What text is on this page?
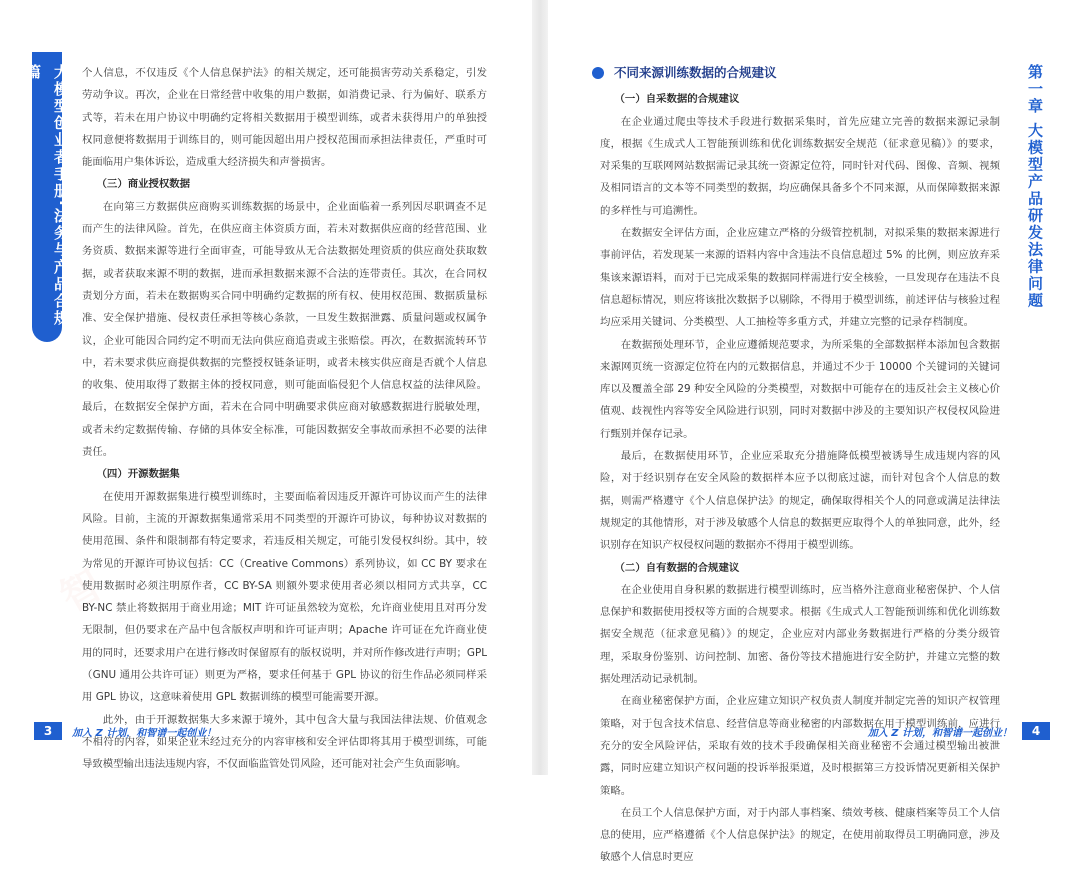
智
大模型创业者手册·法务与产品合规篇	个人信息，不仅违反《个人信息保护法》的相关规定，还可能损害劳动关系稳定，引发劳动争议。再次，企业在日常经营中收集的用户数据，如消费记录、行为偏好、联系方式等，若未在用户协议中明确约定将相关数据用于模型训练，或者未获得用户的单独授权同意便将数据用于训练目的，则可能因超出用户授权范围而承担法律责任，严重时可能面临用户集体诉讼，造成重大经济损失和声誉损害。

（三）商业授权数据

在向第三方数据供应商购买训练数据的场景中，企业面临着一系列因尽职调查不足而产生的法律风险。首先，在供应商主体资质方面，若未对数据供应商的经营范围、业务资质、数据来源等进行全面审查，可能导致从无合法数据处理资质的供应商处获取数据，或者获取来源不明的数据，进而承担数据来源不合法的连带责任。其次，在合同权责划分方面，若未在数据购买合同中明确约定数据的所有权、使用权范围、数据质量标准、安全保护措施、侵权责任承担等核心条款，一旦发生数据泄露、质量问题或权属争议，企业可能因合同约定不明而无法向供应商追责或主张赔偿。再次，在数据流转环节中，若未要求供应商提供数据的完整授权链条证明，或者未核实供应商是否就个人信息的收集、使用取得了数据主体的授权同意，则可能面临侵犯个人信息权益的法律风险。最后，在数据安全保护方面，若未在合同中明确要求供应商对敏感数据进行脱敏处理，或者未约定数据传输、存储的具体安全标准，可能因数据安全事故而承担不必要的法律责任。

（四）开源数据集

在使用开源数据集进行模型训练时，主要面临着因违反开源许可协议而产生的法律风险。目前，主流的开源数据集通常采用不同类型的开源许可协议，每种协议对数据的使用范围、条件和限制都有特定要求，若违反相关规定，可能引发侵权纠纷。其中，较为常见的开源许可协议包括：CC（Creative Commons）系列协议，如 CC BY 要求在使用数据时必须注明原作者，CC BY-SA 则额外要求使用者必须以相同方式共享，CC BY-NC 禁止将数据用于商业用途；MIT 许可证虽然较为宽松，允许商业使用且对再分发无限制，但仍要求在产品中包含版权声明和许可证声明；Apache 许可证在允许商业使用的同时，还要求用户在进行修改时保留原有的版权说明，并对所作修改进行声明；GPL（GNU 通用公共许可证）则更为严格，要求任何基于 GPL 协议的衍生作品必须同样采用 GPL 协议，这意味着使用 GPL 数据训练的模型可能需要开源。

此外，由于开源数据集大多来源于境外，其中包含大量与我国法律法规、价值观念不相符的内容，如果企业未经过充分的内容审核和安全评估即将其用于模型训练，可能导致模型输出违法违规内容，不仅面临监管处罚风险，还可能对社会产生负面影响。

3	加入 Z 计划，和智谱一起创业！
第一章 大模型产品研发法律问题
不同来源训练数据的合规建议

（一）自采数据的合规建议

在企业通过爬虫等技术手段进行数据采集时，首先应建立完善的数据来源记录制度，根据《生成式人工智能预训练和优化训练数据安全规范（征求意见稿）》的要求，对采集的互联网网站数据需记录其统一资源定位符，同时针对代码、图像、音频、视频及相同语言的文本等不同类型的数据，均应确保具备多个不同来源，从而保障数据来源的多样性与可追溯性。

在数据安全评估方面，企业应建立严格的分级管控机制，对拟采集的数据来源进行事前评估，若发现某一来源的语料内容中含违法不良信息超过 5% 的比例，则应放弃采集该来源语料，而对于已完成采集的数据同样需进行安全核验，一旦发现存在违法不良信息超标情况，则应将该批次数据予以剔除，不得用于模型训练，前述评估与核验过程均应采用关键词、分类模型、人工抽检等多重方式，并建立完整的记录存档制度。

在数据预处理环节，企业应遵循规范要求，为所采集的全部数据样本添加包含数据来源网页统一资源定位符在内的元数据信息，并通过不少于 10000 个关键词的关键词库以及覆盖全部 29 种安全风险的分类模型，对数据中可能存在的违反社会主义核心价值观、歧视性内容等安全风险进行识别，同时对数据中涉及的主要知识产权侵权风险进行甄别并保存记录。

最后，在数据使用环节，企业应采取充分措施降低模型被诱导生成违规内容的风险，对于经识别存在安全风险的数据样本应予以彻底过滤，而针对包含个人信息的数据，则需严格遵守《个人信息保护法》的规定，确保取得相关个人的同意或满足法律法规规定的其他情形，对于涉及敏感个人信息的数据更应取得个人的单独同意，此外，经识别存在知识产权侵权问题的数据亦不得用于模型训练。

（二）自有数据的合规建议

在企业使用自身积累的数据进行模型训练时，应当格外注意商业秘密保护、个人信息保护和数据使用授权等方面的合规要求。根据《生成式人工智能预训练和优化训练数据安全规范（征求意见稿）》的规定，企业应对内部业务数据进行严格的分类分级管理，采取身份鉴别、访问控制、加密、备份等技术措施进行安全防护，并建立完整的数据处理活动记录机制。

在商业秘密保护方面，企业应建立知识产权负责人制度并制定完善的知识产权管理策略，对于包含技术信息、经营信息等商业秘密的内部数据在用于模型训练前，应进行充分的安全风险评估，采取有效的技术手段确保相关商业秘密不会通过模型输出被泄露，同时应建立知识产权问题的投诉举报渠道，及时根据第三方投诉情况更新相关保护策略。

在员工个人信息保护方面，对于内部人事档案、绩效考核、健康档案等员工个人信息的使用，应严格遵循《个人信息保护法》的规定，在使用前取得员工明确同意，涉及敏感个人信息时更应

4
加入 Z 计划，和智谱一起创业！
